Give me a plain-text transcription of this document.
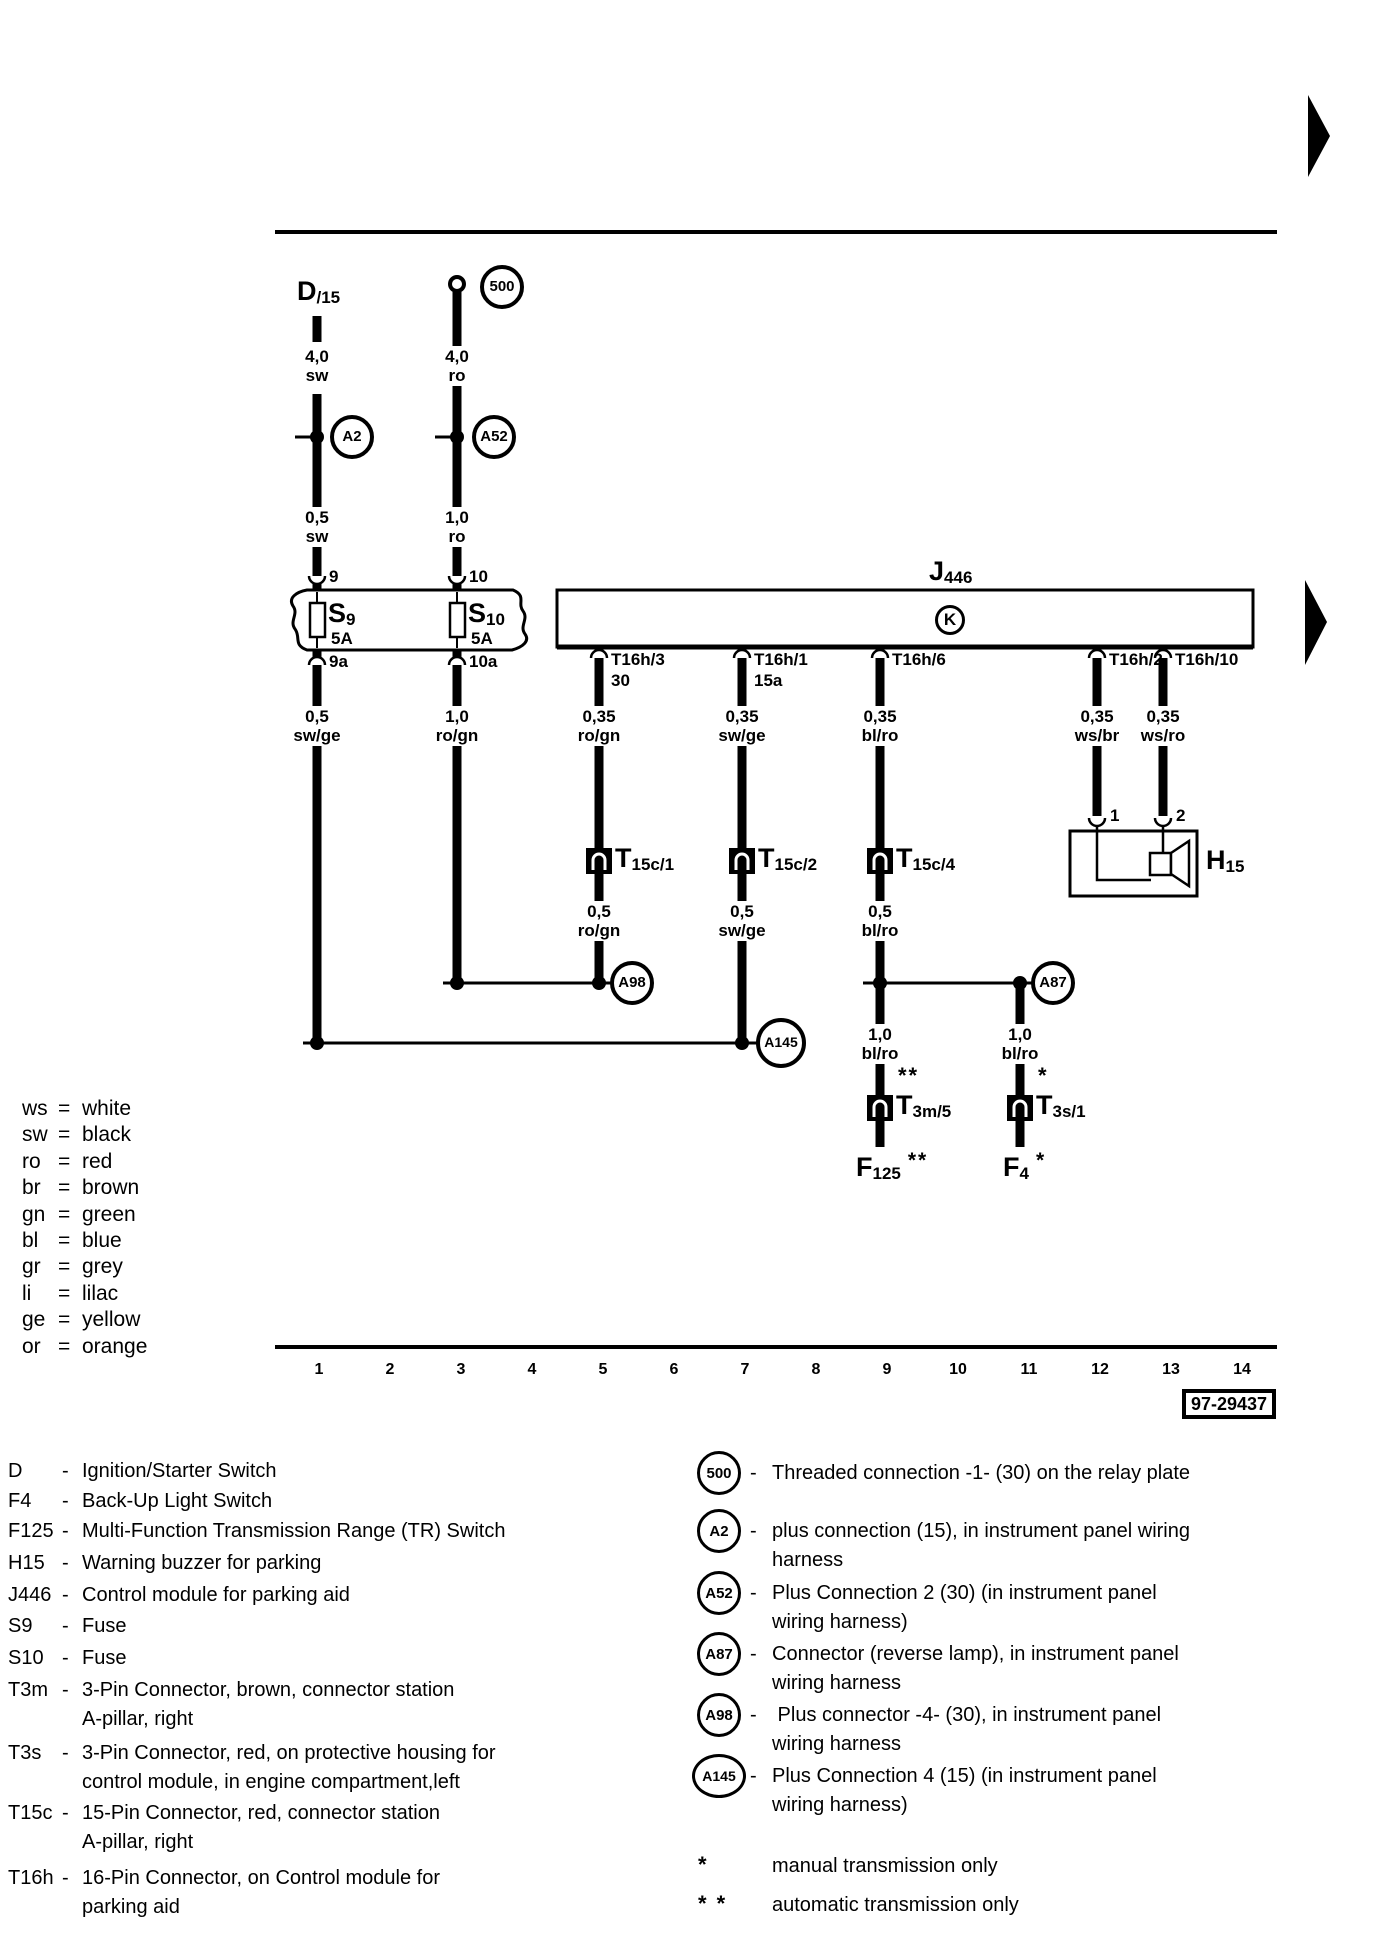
4,0
sw
4,0
ro
0,5
sw
1,0
ro
0,5
sw/ge
1,0
ro/gn
0,35
ro/gn
0,35
sw/ge
0,35
bl/ro
0,35
ws/br
0,35
ws/ro
0,5
ro/gn
0,5
sw/ge
0,5
bl/ro
1,0
bl/ro
1,0
bl/ro
9	10
9a	10a
1	2
T16h/3
30
T16h/1
15a
T16h/6	T16h/2 T16h/10
D/15
S9	S10
J446
H15
T15c/1	T15c/2	T15c/4
T3m/5	T3s/1
F125**	F4*
5A	5A
K
500
A2	A52
A98	A87
A145
**	*
1	2	3	4	5	6	7	8	9	10	11	12	13	14
97-29437
ws = white
sw = black
ro = red
br = brown
gn = green
bl = blue
gr = grey
li = lilac
ge = yellow
or = orange
D - Ignition/Starter Switch
F4 - Back-Up Light Switch
F125 - Multi-Function Transmission Range (TR) Switch
H15 - Warning buzzer for parking
J446 - Control module for parking aid
S9 - Fuse
S10 - Fuse
T3m - 3-Pin Connector, brown, connector station
A-pillar, right
T3s - 3-Pin Connector, red, on protective housing for
control module, in engine compartment,left
T15c - 15-Pin Connector, red, connector station
A-pillar, right
T16h - 16-Pin Connector, on Control module for
parking aid
500 - Threaded connection -1- (30) on the relay plate
A2	- plus connection (15), in instrument panel wiring
harness
A52 - Plus Connection 2 (30) (in instrument panel
wiring harness)
A87 - Connector (reverse lamp), in instrument panel
wiring harness
A98 - Plus connector -4- (30), in instrument panel
wiring harness
A145 - Plus Connection 4 (15) (in instrument panel
wiring harness)
*	manual transmission only
* * automatic transmission only
